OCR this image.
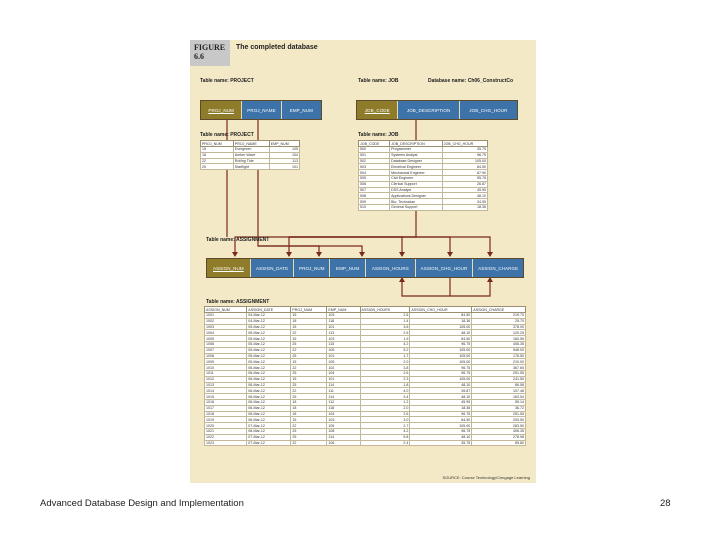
FIGURE 6.6
The completed database
Table name: PROJECT
PROJ_NUM	PROJ_NAME	EMP_NUM
Table name: JOB	Database name: Ch06_ConstructCo
JOB_CODE	JOB_DESCRIPTION	JOB_CHG_HOUR
Table name: PROJECT
PROJ_NUM	PROJ_NAME	EMP_NUM
15	Evergreen	105
18	Amber Wave	104
22	Rolling Tide	113
25	Starflight	101
Table name: JOB
JOB_CODE	JOB_DESCRIPTION	JOB_CHG_HOUR
500	Programmer	35.75
501	Systems Analyst	96.75
502	Database Designer	105.00
503	Electrical Engineer	84.50
504	Mechanical Engineer	67.90
505	Civil Engineer	55.78
506	Clerical Support	26.87
507	DSS Analyst	45.95
508	Applications Designer	48.10
509	Bio. Technician	34.55
510	General Support	18.36
Table name: ASSIGNMENT
ASSIGN_NUM	ASSIGN_DATE	PROJ_NUM	EMP_NUM	ASSIGN_HOURS	ASSIGN_CHG_HOUR	ASSIGN_CHARGE
Table name: ASSIGNMENT
ASSIGN_NUM	ASSIGN_DATE	PROJ_NUM	EMP_NUM	ASSIGN_HOURS	ASSIGN_CHG_HOUR	ASSIGN_CHARGE
1001	04-Mar-12	15	103	2.6	84.50	219.70
1002	04-Mar-12	18	118	1.4	18.36	25.70
1003	05-Mar-12	15	101	3.6	105.00	378.00
1004	05-Mar-12	22	113	2.5	48.10	120.25
1005	05-Mar-12	15	103	1.9	84.50	160.55
1006	05-Mar-12	25	115	4.2	96.75	406.35
1007	05-Mar-12	22	105	5.2	105.00	546.00
1008	05-Mar-12	25	101	1.7	105.00	178.50
1009	05-Mar-12	15	105	2.0	105.00	210.00
1010	06-Mar-12	22	102	3.8	96.75	367.65
1011	06-Mar-12	25	104	2.6	96.75	251.55
1012	06-Mar-12	15	101	2.3	105.00	241.50
1013	06-Mar-12	25	114	1.8	48.10	86.58
1014	06-Mar-12	22	111	4.0	26.87	107.48
1015	06-Mar-12	25	114	3.4	48.10	163.54
1016	06-Mar-12	18	112	1.2	45.95	55.14
1017	06-Mar-12	18	118	2.0	18.36	36.72
1018	06-Mar-12	18	104	2.6	96.75	251.55
1019	06-Mar-12	15	103	3.0	84.50	253.50
1020	07-Mar-12	22	105	2.7	105.00	283.50
1021	08-Mar-12	25	108	4.2	96.75	406.35
1022	07-Mar-12	25	114	5.8	48.10	278.98
1023	07-Mar-12	22	106	2.4	35.75	85.80
SOURCE: Course Technology/Cengage Learning
Advanced Database Design and Implementation	28
